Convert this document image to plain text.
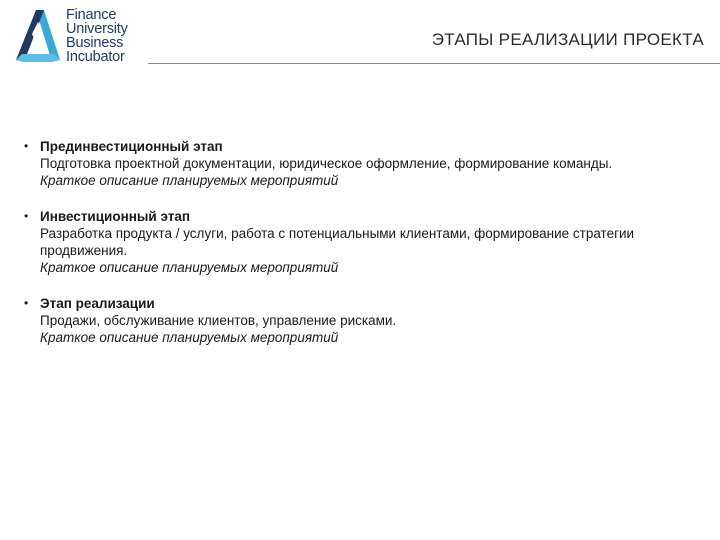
Finance
University
Business
Incubator
ЭТАПЫ РЕАЛИЗАЦИИ ПРОЕКТА
• Прединвестиционный этап
Подготовка проектной документации, юридическое оформление, формирование команды.
Краткое описание планируемых мероприятий
• Инвестиционный этап
Разработка продукта / услуги, работа с потенциальными клиентами, формирование стратегии продвижения.
Краткое описание планируемых мероприятий
• Этап реализации
Продажи, обслуживание клиентов, управление рисками.
Краткое описание планируемых мероприятий
